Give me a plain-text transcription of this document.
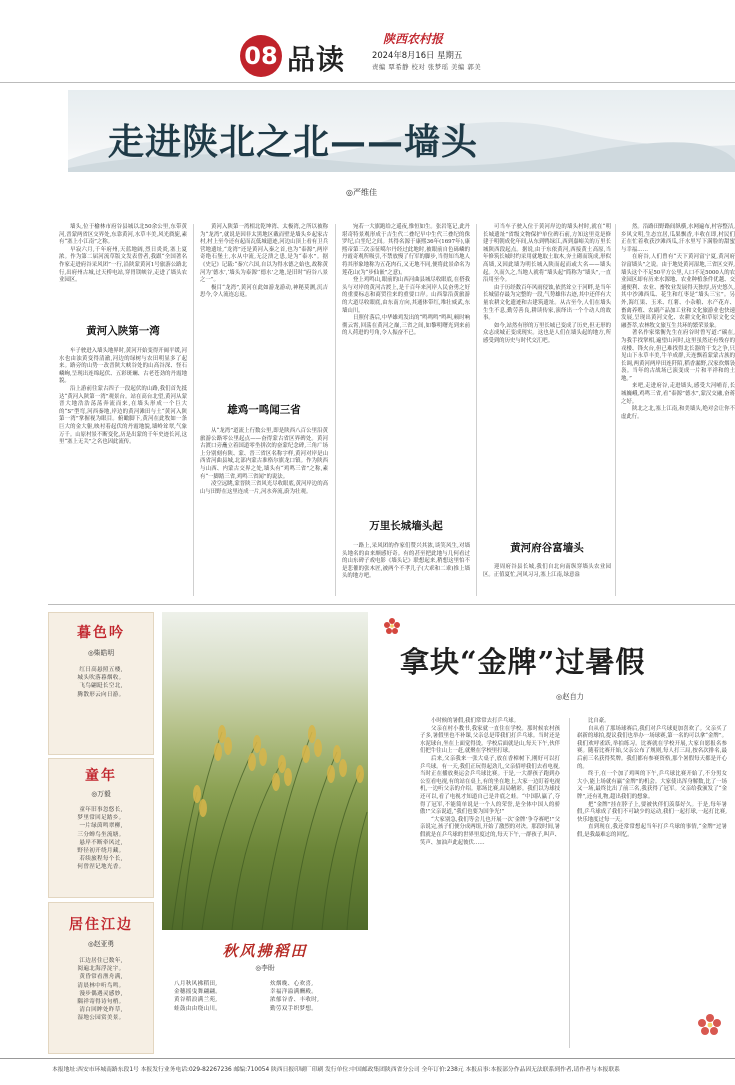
08 品读
陕西农村报
2024年8月16日 星期五
责编 覃希静 校对 张梦瑶 美编 郭美
走进陕北之北——墙头
◎严维佳

墙头,位于榆林市府谷县城以北50余公里,东带黄河,晋蒙两省区交界处,东靠黄河,水草丰美,风光旖旎,素有“塞上小江南”之称。

早寂六月,千年府州,天蓝地阔,烈日炎炎,塞上夏浓。作为第二届河流草版文发表曾者,我跟“全国著名作家走进府谷采风团”一行,沿陕蒙黄河1号旅游公路北行,出府州古城,过天桥电站,穿胃镁峡谷,走进了墙头农业园区。

黄河入陕第一湾

车子驶进入墙头地界时,黄河开始变得开阔平缓,河水也由浊黄变得清澈,河边的绿树与农田明显多了起来。路旁的山势一改晋陕大峡谷处的山高谷深、怪石嶙峋,呈现出连绵起伏、五彩斑斓、古老苍劲的丹霞地貌。

沿上游前往蒙古四子一段起伏的山路,我们首先抵达“黄河入陕第一湾”观景台。站在高台北望,黄河从蒙晋大地浩浩荡荡奔流而来,在墙头形成一个巨大的“S”型弯,河西秦地,岸边的黄河滩田与土“黄河入陕第一湾”掌握视为眼目。俯瞰脚下,黄河在此牧如一条巨大的金大躯,映衬着起伏的丹霞地貌,墙岭耸翠,气象万千。山原村景不断变化,历是出蒙的千年史迹长河,这里“塞上无关”之名也因此流传。

黄河入陕第一湾相北乾坤湾、太极湾,之所以被称为“龙湾”,就说是因非太黑地区戴而壁是墙头乡起家古村,村上至今还有起而瓦低城遗迹,河边山顶上看有卫兵营地遗址,“龙湾”还是黄河入秦之首,也为“泰源”,两岸奇绝石堡土,水从中流,无泛溃之患,是为“泰水”。据《史记》记载:“秦穴六国,自以为得水德之始也,故称黄河为‘德水’,‘墙头为泰源’‘德水’之地,是旧时“府谷八景之一”。

极目“龙湾”,黄河在此如游龙游动,神秘莫测,沉吉思今,令人流连忘返。

雄鸡一鸣闻三省

从“龙湾”道流上行数公里,即是陕西八百公里沿黄旅游公路零公里起点——奋得蒙古省区界碑处。黄河古渡口旁矗立着国道零坐拼次的奋蒙纪念碑,三角广场上分别刻有陕、蒙、晋三省区名称字样,黄河对岸是山西省河曲县城,北部内蒙古准格尔旗龙口镇。作为陕西与山西、内蒙古交界之处,墙头有“鸡鸣三省”之称,素有“一脚踏三省,鸡鸣三省闻”的说法。

凌空远眺,蒙晋陕三省风光尽收眼底,黄河岸边的高山与田野在这里连成一片,河水奔流,蔚为壮观。

宛若一大旗跑给之遥夜,惟恒如生。张岩笔记,此丹堪奇特景观形成于吉生代二叠纪早中生代三叠纪的侏罗纪,白垩纪之间。其得名源于康熙36年(1697年),康熙帝第三次亲征噶尔丹经过此地时,被眼前自色砾嶙的丹霞奇观所吸引,不禁放慢了行军的脚步,当得知当地人将其形象地称为五花肉石,又无地不同,便将此景命名为莲花山(为“步仙嵌”之意)。

登上鸡鸣山,眼前的山西河曲县城尽收眼底,在搭我头与对岸的黄河古渡上,是千百年来河岸人民奋勇之好的重要标志和商贸往来的重要口岸。山西靠沿黄旅游的大道尽收眼底,由东南方向,其通体带红,堆壮威武,东墙山川。

日照付落后,中华雄鸡发出的“鸣鸣鸣”鸣叫,顿时响彻云霄,回荡在黄河之巅,三省之间,如黎明曙光到来前的人荷进的号角,令人振奋不已。

万里长城墙头起

一路上,采风团的作家们赞兴其浓,谈笑风生,对墙头地名的由来颇感好奇。有的甚至把此地与几何看过的山东碑子戏电影《墙头记》联想起来,稍想这里怕不是悲催的张木匠,被两个不孝儿子(大乖和二乖)推上墙头的地方吧。

可当车子驶入位于黄河岸边的墙头村时,就在“明长城遗址”省级文物保护单位碑石前,方知这里竟是修建于明朝成化年间,从东到鸭绿江,西到嘉峪关的万里长城陕西段起点。据说,由于东依黄河,西接黄土高原,当年修筑长城时约采用就地取土取木,夯土砌而筑成,形似高墙,又因此墙为明长城入陕而起而或大名——墙头起。久而久之,当地人就将“墙头起”简称为“墙头”,一直沿用至今。

由于历经数百年风雨侵蚀,依然耸立于河畔,是当年长城留存最为完整的一段,气势雄伟古迹,其中还伴有大量农耕文化遗迹和古建筑遗址。从古至今,人们在墙头生生不息,勤劳善良,耕读传家,演绎出一个个动人的故事。

如今,站然有形的万里长城已变成了历史,但无形的众志成城正变成现实。这也是人们在墙头起的地方,所感受到的历史与时代交汇吧。

黄河府谷富墙头

迎周府谷县长城,我们自北向南纵穿墙头农业园区。正值夏忙,河风习习,塞上江南,绿意盎

然。沿路田野路间纵横,水网遍布,村容整洁,乡风文明,生态宜居,瓜果飘香,丰收在即,村民们正在忙着收获沙滩西瓜,汗水里写下满脸的甜蜜与幸福……

在府谷,人们曾有“天下黄河富宁夏,黄河府谷富墙头”之说。由于地处黄河湿地,三省区交界,墙头这个不足50平方公里,人口不足5000人的农业园区却有历来水源地、农业种植条件优越、交通便利、农业、畜牧业发展得天独厚,历史悠久,其中沙滩西瓜、花生和红枣是“墙头三宝”。另外,海红果、玉米、红薯、小杂粮、水产花卉、畜禽养殖、农副产品加工业和文化旅游业也快速发展,呈现出黄河文化、农耕文化和草原文化交融荟萃,农林牧文旅互生共环的繁荣景象。

著名作家梁衡先生在府谷时曾写道:“碳在,为我手找掌相,遍望山河时,这里虽然还有残存的戎楼、锋火台,但已难找得北长器的干戈之争,只见山下永草丰美,牛羊成群,天连飘着蒙蒙古族的长调,两黄河两岸田连阡陌,稻香漏野,汉家炊烟袅袅。当年的古战场已演变成一片和平祥和的土地。”

来吧,走进府谷,走进墙头,感受大河哺育,长城巍峨,鸡鸣三省,看“泰源”德水”,蒙汉交融,奋蒋之好。

陕北之北,塞上江南,和美墙头,绝对会让你不虚此行。

暮色吟
◎柴皓明
红日高悬照五楼,
城头吹落暮烟收。
飞鸟翩跹长空北,
腾散形云向日游。
童年
◎万毅
童年旧事忽悠长,
梦里常回足踏乡。
一片绿茵鸣翠柳,
三分蝉鸟坐流塘。
悬岸不断牵风过,
野径初开绕月藏。
若续旅程每个长,
何曾涅记地光香。
居住江边
◎赵亚勇
江边居住已数年,
阅遍北海浮淀宇。
黄昏常看渔舟满,
清晨林中听鸟鸣。
漫步偶遇灵感妙,
隅祥寄得诗句梢。
清白回眸处昨草,
湿地公园赏美景。
秋风拂稻田
◎李盼
八月秋风拂稻田,
金穗摇曳舞翩翩。
黄谷稻浪满兰苑,
蛙鼓由由绕山川。
炊烟晚、心欢喜,
幸福洋溢满酬殿。
浓郁谷香、丰收时,
勤劳双手织梦想。
拿块“金牌”过暑假
◎赵自力

小时候的暑假,我们常常去打乒乓球。

父亲在村小教书,我家就一直住在学校。那时候农村孩子多,暑假里也不补课,父亲总是带我们打乒乓球。当时还是水泥球台,坐在上面觉得烫。学校后面就是山,每天下午,伙伴们把牛往山上一赶,就聚在学校里打球。

后来,父亲我来一张大桌子,放在香樟树下,刚好可以打乒乓球。有一天,我们正玩得起劲儿,父亲招呼我们去看电视,当时正在播放奥运会乒乓球比赛。于是,一大群孩子跑到办公室看电视,有的站在桌上,有的坐在地上,大家一边盯着电视机,一边听父亲的介绍。那场比赛,局局精彩。我们以为球技还可以,看了电视才知道自己是井底之蛙。“中国队赢了,夺得了冠军,不能简单说是一个人的荣誉,是全体中国人的骄傲!”父亲说道,“我们也要为国争光!”

“大家别急,我们等会儿也开展一次‘金牌’争夺赛吧!”父亲说完,孩子们便分成两组,开始了激烈的对决。那段时间,暑假就是在乒乓球的世界里度过的,每天下午,一群孩子,叫声、笑声、加油声此起彼伏……

比自豪。

自从看了那场球赛后,我们对乒乓球更加喜欢了。父亲买了崭新的球拍,提议我们也举办一场球赛,第一名的可以拿“金牌”。我们欢呼雀跃,举拍练习。比赛就在学校开展,大家自愿报名参赛。随着比赛开始,父亲公布了规则,每人打三局,按名次排名,最后前三名获得奖牌。我们都有参赛资格,那个暑假每天都是开心的。

终于,在一个加了鸡叫的下午,乒乓球比赛开始了,不分男女大小,能上场就有赢“金牌”的机会。大家使出浑身解数,比了一场又一场,最终比出了前三名,我获得了冠军。父亲给我颁发了“金牌”,还有礼物,超出我们的想象。

把“金牌”挂在脖子上,要被伙伴们羡慕好久。于是,每年暑假,乒乓球成了我们不可缺少的运动,我们一起打球,一起打比赛,快乐地度过每一天。

直到现在,我还常常想起当年打乒乓球的事情,“金牌”过暑假,是我最难忘的回忆。

本报地址:西安市环城南路东段1号 本报发行业务电话:029-82267236 邮编:710054 陕西日报印刷厂印刷 发行单位:中国邮政集团陕西省分公司 全年订价:238元 本报启事:本报部分作品因无法联系到作者,请作者与本报联系
